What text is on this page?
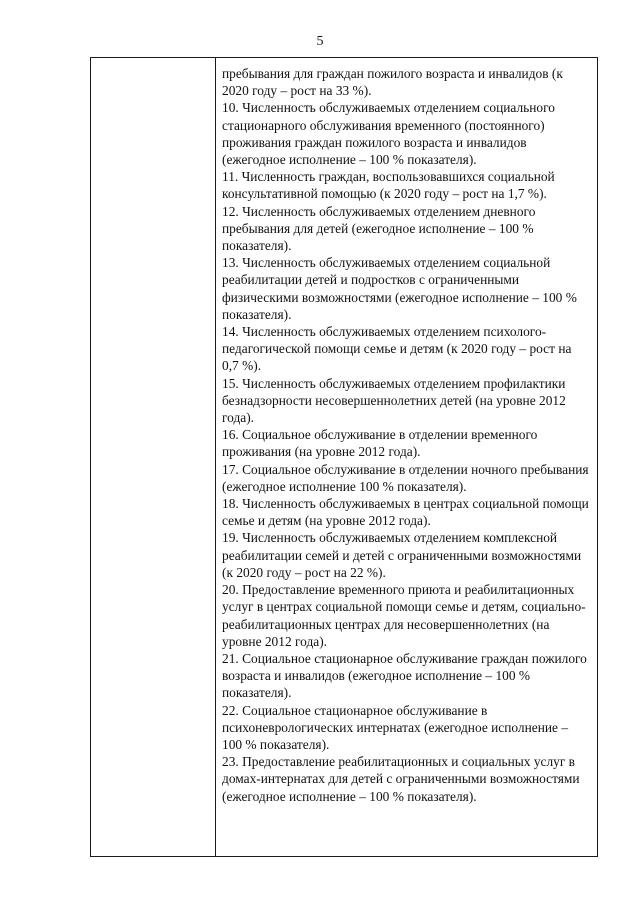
5

пребывания для граждан пожилого возраста и инвалидов (к 2020 году – рост на 33 %).

10. Численность обслуживаемых отделением социального стационарного обслуживания временного (постоянного) проживания граждан пожилого возраста и инвалидов (ежегодное исполнение – 100 % показателя).

11. Численность граждан, воспользовавшихся социальной консультативной помощью (к 2020 году – рост на 1,7 %).

12. Численность обслуживаемых отделением дневного пребывания для детей (ежегодное исполнение – 100 % показателя).

13. Численность обслуживаемых отделением социальной реабилитации детей и подростков с ограниченными физическими возможностями (ежегодное исполнение – 100 % показателя).

14. Численность обслуживаемых отделением психолого-педагогической помощи семье и детям (к 2020 году – рост на 0,7 %).

15. Численность обслуживаемых отделением профилактики безнадзорности несовершеннолетних детей (на уровне 2012 года).

16. Социальное обслуживание в отделении временного проживания (на уровне 2012 года).

17. Социальное обслуживание в отделении ночного пребывания (ежегодное исполнение 100 % показателя).

18. Численность обслуживаемых в центрах социальной помощи семье и детям (на уровне 2012 года).

19. Численность обслуживаемых отделением комплексной реабилитации семей и детей с ограниченными возможностями (к 2020 году – рост на 22 %).

20. Предоставление временного приюта и реабилитационных услуг в центрах социальной помощи семье и детям, социально-реабилитационных центрах для несовершеннолетних (на уровне 2012 года).

21. Социальное стационарное обслуживание граждан пожилого возраста и инвалидов (ежегодное исполнение – 100 % показателя).

22. Социальное стационарное обслуживание в психоневрологических интернатах (ежегодное исполнение – 100 % показателя).

23. Предоставление реабилитационных и социальных услуг в домах-интернатах для детей с ограниченными возможностями (ежегодное исполнение – 100 % показателя).
